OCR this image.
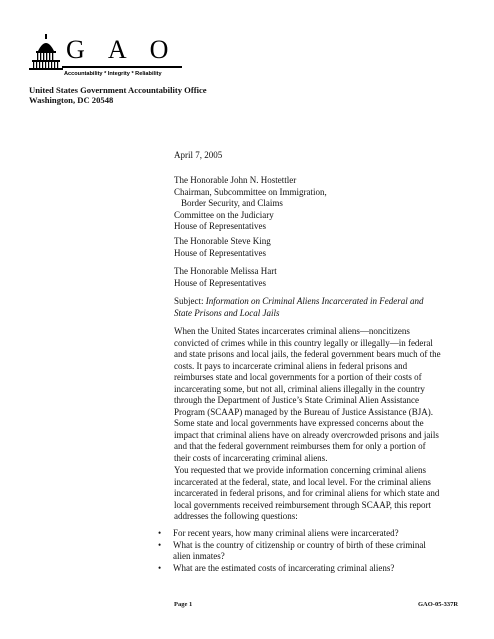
G A O
Accountability * Integrity * Reliability
United States Government Accountability Office
Washington, DC 20548
April 7, 2005
The Honorable John N. Hostettler
Chairman, Subcommittee on Immigration,
Border Security, and Claims
Committee on the Judiciary
House of Representatives
The Honorable Steve King
House of Representatives
The Honorable Melissa Hart
House of Representatives
Subject: Information on Criminal Aliens Incarcerated in Federal and
State Prisons and Local Jails
When the United States incarcerates criminal aliens—noncitizens
convicted of crimes while in this country legally or illegally—in federal
and state prisons and local jails, the federal government bears much of the
costs. It pays to incarcerate criminal aliens in federal prisons and
reimburses state and local governments for a portion of their costs of
incarcerating some, but not all, criminal aliens illegally in the country
through the Department of Justice’s State Criminal Alien Assistance
Program (SCAAP) managed by the Bureau of Justice Assistance (BJA).
Some state and local governments have expressed concerns about the
impact that criminal aliens have on already overcrowded prisons and jails
and that the federal government reimburses them for only a portion of
their costs of incarcerating criminal aliens.
You requested that we provide information concerning criminal aliens
incarcerated at the federal, state, and local level. For the criminal aliens
incarcerated in federal prisons, and for criminal aliens for which state and
local governments received reimbursement through SCAAP, this report
addresses the following questions:
•	For recent years, how many criminal aliens were incarcerated?
•	What is the country of citizenship or country of birth of these criminal
alien inmates?
•	What are the estimated costs of incarcerating criminal aliens?
Page 1	GAO-05-337R
